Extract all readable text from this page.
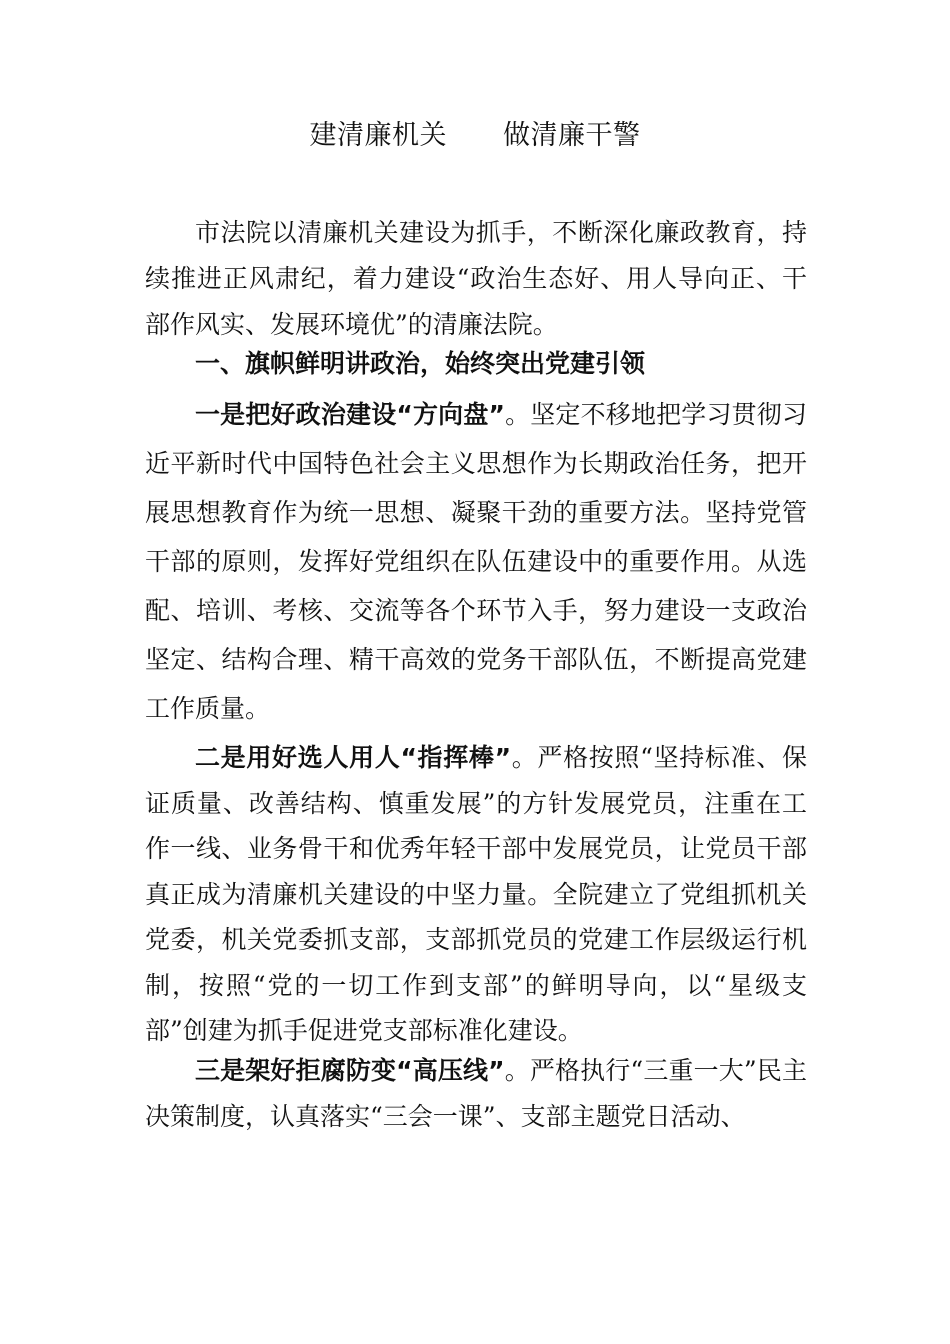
建清廉机关 做清廉干警

市法院以清廉机关建设为抓手，不断深化廉政教育，持续推进正风肃纪，着力建设“政治生态好、用人导向正、干部作风实、发展环境优”的清廉法院。

一、旗帜鲜明讲政治，始终突出党建引领

一是把好政治建设“方向盘”。坚定不移地把学习贯彻习近平新时代中国特色社会主义思想作为长期政治任务，把开展思想教育作为统一思想、凝聚干劲的重要方法。坚持党管干部的原则，发挥好党组织在队伍建设中的重要作用。从选配、培训、考核、交流等各个环节入手，努力建设一支政治坚定、结构合理、精干高效的党务干部队伍，不断提高党建工作质量。

二是用好选人用人“指挥棒”。严格按照“坚持标准、保证质量、改善结构、慎重发展”的方针发展党员，注重在工作一线、业务骨干和优秀年轻干部中发展党员，让党员干部真正成为清廉机关建设的中坚力量。全院建立了党组抓机关党委，机关党委抓支部，支部抓党员的党建工作层级运行机制，按照“党的一切工作到支部”的鲜明导向，以“星级支部”创建为抓手促进党支部标准化建设。

三是架好拒腐防变“高压线”。严格执行“三重一大”民主决策制度，认真落实“三会一课”、支部主题党日活动、
